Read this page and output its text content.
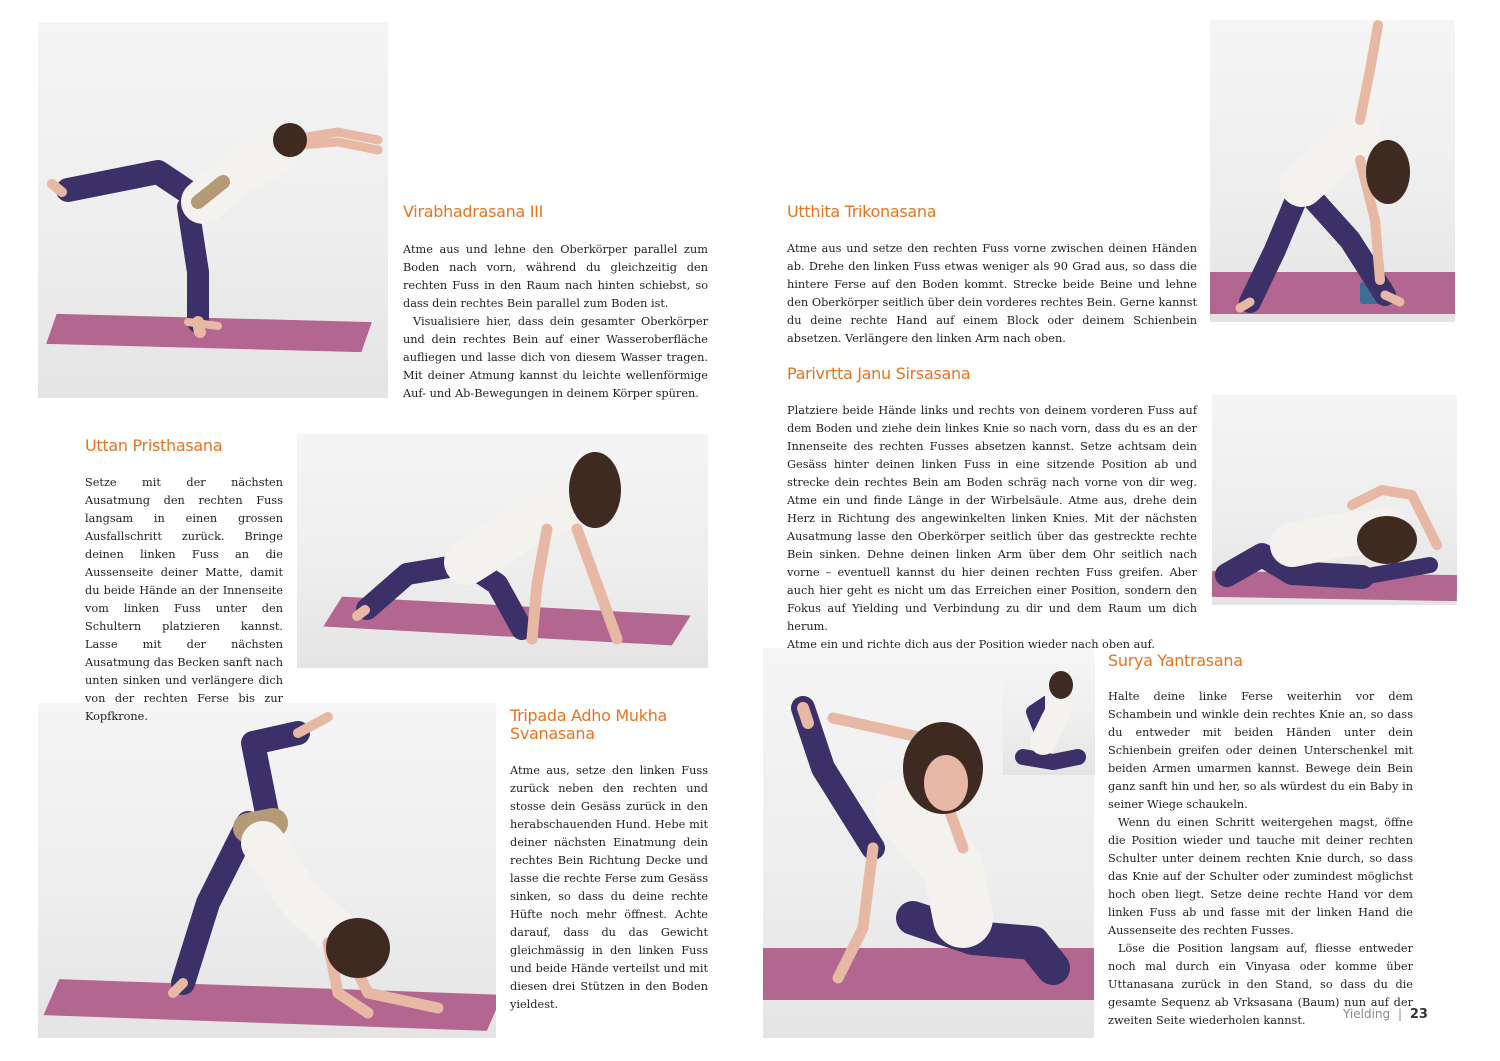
Virabhadrasana III

Atme aus und lehne den Oberkörper parallel zum Boden nach vorn, während du gleichzeitig den rechten Fuss in den Raum nach hinten schiebst, so dass dein rechtes Bein parallel zum Boden ist.

Visualisiere hier, dass dein gesamter Oberkörper und dein rechtes Bein auf einer Wasseroberfläche aufliegen und lasse dich von diesem Wasser tragen. Mit deiner Atmung kannst du leichte wellenförmige Auf- und Ab-Bewegungen in deinem Körper spüren.

Uttan Pristhasana

Setze mit der nächsten Ausatmung den rechten Fuss langsam in einen grossen Ausfallschritt zurück. Bringe deinen linken Fuss an die Aussenseite deiner Matte, damit du beide Hände an der Innenseite vom linken Fuss unter den Schultern platzieren kannst. Lasse mit der nächsten Ausatmung das Becken sanft nach unten sinken und verlängere dich von der rechten Ferse bis zur Kopfkrone.	Tripada Adho Mukha Svanasana

Atme aus, setze den linken Fuss zurück neben den rechten und stosse dein Gesäss zurück in den herabschauenden Hund. Hebe mit deiner nächsten Einatmung dein rechtes Bein Richtung Decke und lasse die rechte Ferse zum Gesäss sinken, so dass du deine rechte Hüfte noch mehr öffnest. Achte darauf, dass du das Gewicht gleichmässig in den linken Fuss und beide Hände verteilst und mit diesen drei Stützen in den Boden yieldest.

Utthita Trikonasana

Atme aus und setze den rechten Fuss vorne zwischen deinen Händen ab. Drehe den linken Fuss etwas weniger als 90 Grad aus, so dass die hintere Ferse auf den Boden kommt. Strecke beide Beine und lehne den Oberkörper seitlich über dein vorderes rechtes Bein. Gerne kannst du deine rechte Hand auf einem Block oder deinem Schienbein absetzen. Verlängere den linken Arm nach oben.

Parivrtta Janu Sirsasana

Platziere beide Hände links und rechts von deinem vorderen Fuss auf dem Boden und ziehe dein linkes Knie so nach vorn, dass du es an der Innenseite des rechten Fusses absetzen kannst. Setze achtsam dein Gesäss hinter deinen linken Fuss in eine sitzende Position ab und strecke dein rechtes Bein am Boden schräg nach vorne von dir weg. Atme ein und finde Länge in der Wirbelsäule. Atme aus, drehe dein Herz in Richtung des angewinkelten linken Knies. Mit der nächsten Ausatmung lasse den Oberkörper seitlich über das gestreckte rechte Bein sinken. Dehne deinen linken Arm über dem Ohr seitlich nach vorne – eventuell kannst du hier deinen rechten Fuss greifen. Aber auch hier geht es nicht um das Erreichen einer Position, sondern den Fokus auf Yielding und Verbindung zu dir und dem Raum um dich herum.

Atme ein und richte dich aus der Position wieder nach oben auf.

Surya Yantrasana

Halte deine linke Ferse weiterhin vor dem Schambein und winkle dein rechtes Knie an, so dass du entweder mit beiden Händen unter dein Schienbein greifen oder deinen Unterschenkel mit beiden Armen umarmen kannst. Bewege dein Bein ganz sanft hin und her, so als würdest du ein Baby in seiner Wiege schaukeln.

Wenn du einen Schritt weitergehen magst, öffne die Position wieder und tauche mit deiner rechten Schulter unter deinem rechten Knie durch, so dass das Knie auf der Schulter oder zumindest möglichst hoch oben liegt. Setze deine rechte Hand vor dem linken Fuss ab und fasse mit der linken Hand die Aussenseite des rechten Fusses.

Löse die Position langsam auf, fliesse entweder noch mal durch ein Vinyasa oder komme über Uttanasana zurück in den Stand, so dass du die gesamte Sequenz ab Vrksasana (Baum) nun auf der zweiten Seite wiederholen kannst.	Yielding | 23
